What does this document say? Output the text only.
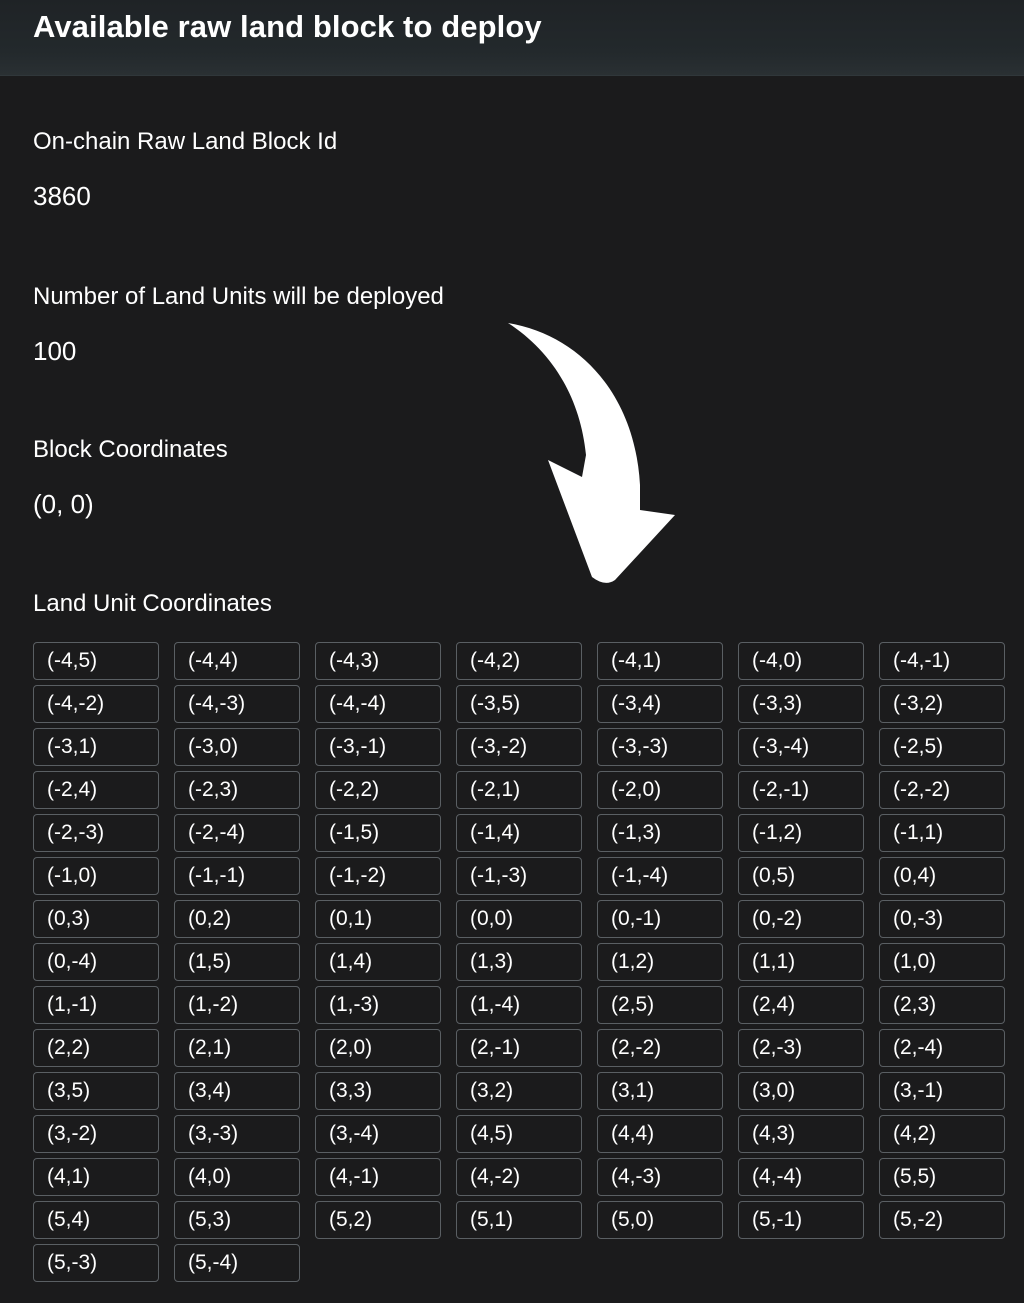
Available raw land block to deploy

On-chain Raw Land Block Id

3860

Number of Land Units will be deployed

100

Block Coordinates

(0, 0)

Land Unit Coordinates

(-4,5)	(-4,4)	(-4,3)	(-4,2)	(-4,1)	(-4,0)	(-4,-1)
(-4,-2)	(-4,-3)	(-4,-4)	(-3,5)	(-3,4)	(-3,3)	(-3,2)
(-3,1)	(-3,0)	(-3,-1)	(-3,-2)	(-3,-3)	(-3,-4)	(-2,5)
(-2,4)	(-2,3)	(-2,2)	(-2,1)	(-2,0)	(-2,-1)	(-2,-2)
(-2,-3)	(-2,-4)	(-1,5)	(-1,4)	(-1,3)	(-1,2)	(-1,1)
(-1,0)	(-1,-1)	(-1,-2)	(-1,-3)	(-1,-4)	(0,5)	(0,4)
(0,3)	(0,2)	(0,1)	(0,0)	(0,-1)	(0,-2)	(0,-3)
(0,-4)	(1,5)	(1,4)	(1,3)	(1,2)	(1,1)	(1,0)
(1,-1)	(1,-2)	(1,-3)	(1,-4)	(2,5)	(2,4)	(2,3)
(2,2)	(2,1)	(2,0)	(2,-1)	(2,-2)	(2,-3)	(2,-4)
(3,5)	(3,4)	(3,3)	(3,2)	(3,1)	(3,0)	(3,-1)
(3,-2)	(3,-3)	(3,-4)	(4,5)	(4,4)	(4,3)	(4,2)
(4,1)	(4,0)	(4,-1)	(4,-2)	(4,-3)	(4,-4)	(5,5)
(5,4)	(5,3)	(5,2)	(5,1)	(5,0)	(5,-1)	(5,-2)
(5,-3)	(5,-4)
